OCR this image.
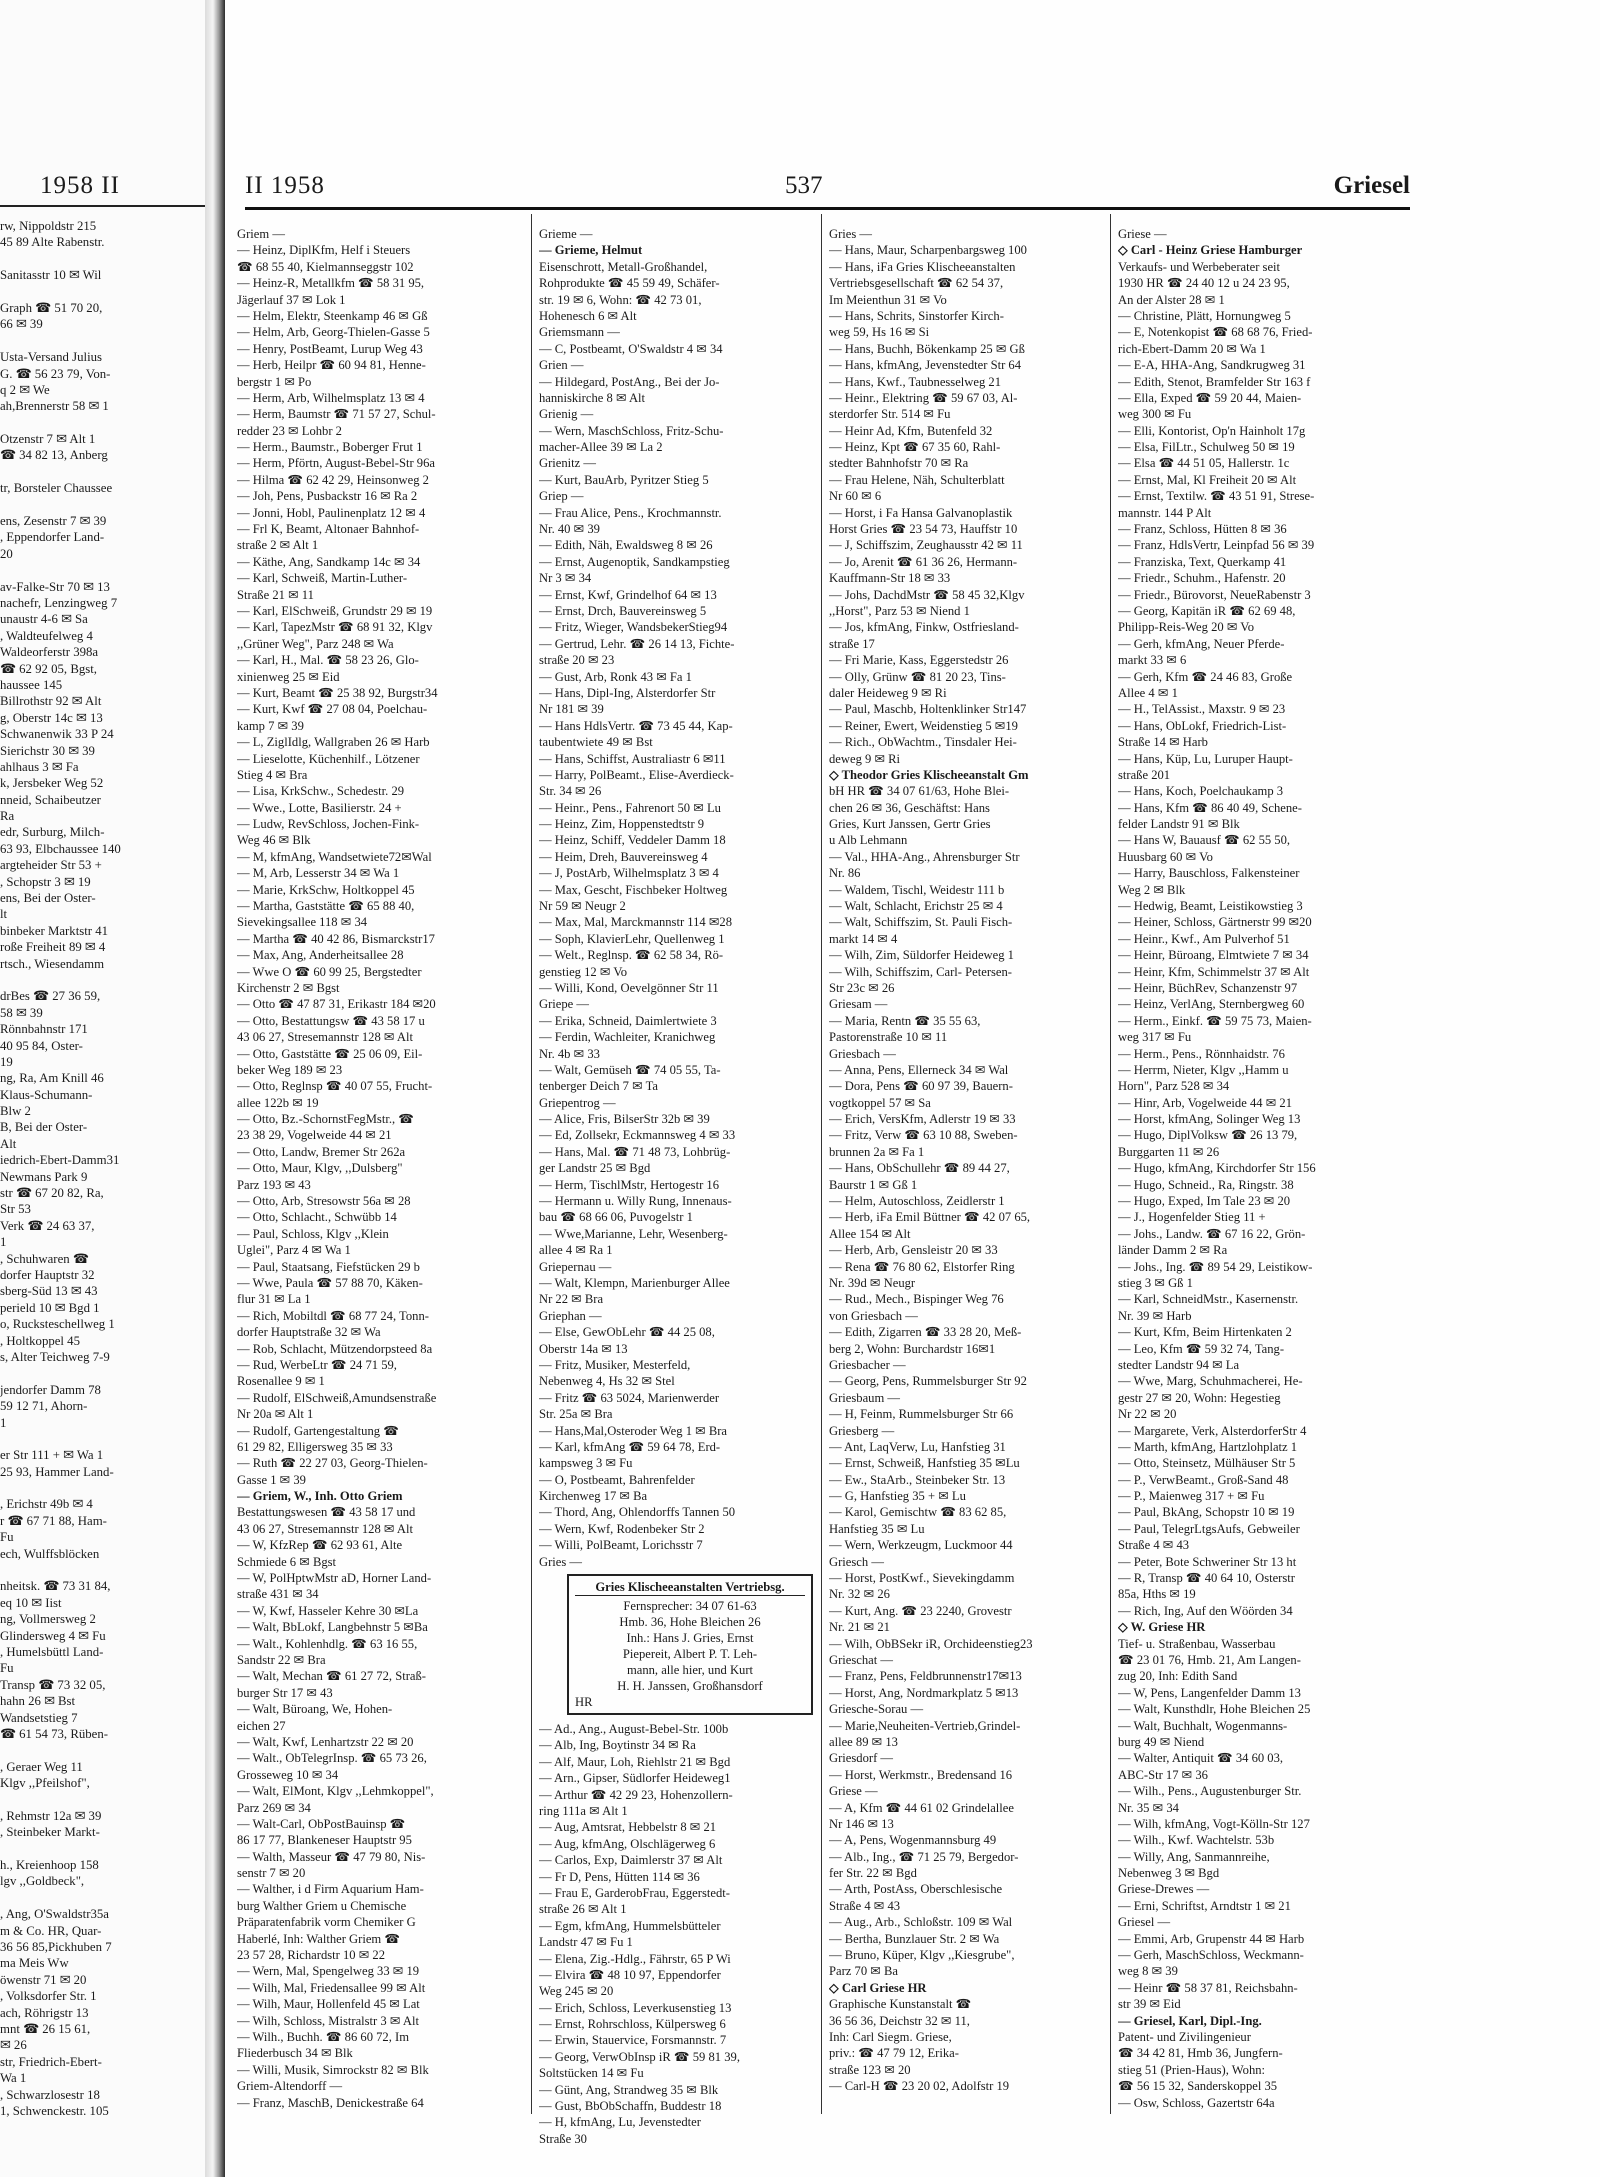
1958 II
rw, Nippoldstr 215
45 89 Alte Rabenstr.
Sanitasstr 10 ✉ Wil
Graph ☎ 51 70 20,
66 ✉ 39
Usta-Versand Julius
G. ☎ 56 23 79, Von-
q 2 ✉ We
ah,Brennerstr 58 ✉ 1
Otzenstr 7 ✉ Alt 1
☎ 34 82 13, Anberg
tr, Borsteler Chaussee
ens, Zesenstr 7 ✉ 39
, Eppendorfer Land-
20
av-Falke-Str 70 ✉ 13
nachefr, Lenzingweg 7
unaustr 4-6 ✉ Sa
, Waldteufelweg 4
Waldeorferstr 398a
☎ 62 92 05, Bgst,
haussee 145
Billrothstr 92 ✉ Alt
g, Oberstr 14c ✉ 13
Schwanenwik 33 P 24
Sierichstr 30 ✉ 39
ahlhaus 3 ✉ Fa
k, Jersbeker Weg 52
nneid, Schaibeutzer
Ra
edr, Surburg, Milch-
63 93, Elbchaussee 140
argteheider Str 53 +
, Schopstr 3 ✉ 19
ens, Bei der Oster-
lt
binbeker Marktstr 41
roße Freiheit 89 ✉ 4
rtsch., Wiesendamm
drBes ☎ 27 36 59,
58 ✉ 39
Rönnbahnstr 171
40 95 84, Oster-
19
ng, Ra, Am Knill 46
Klaus-Schumann-
Blw 2
B, Bei der Oster-
Alt
iedrich-Ebert-Damm31
Newmans Park 9
str ☎ 67 20 82, Ra,
Str 53
Verk ☎ 24 63 37,
1
, Schuhwaren ☎
dorfer Hauptstr 32
sberg-Süd 13 ✉ 43
perield 10 ✉ Bgd 1
o, Rucksteschellweg 1
, Holtkoppel 45
s, Alter Teichweg 7-9
jendorfer Damm 78
59 12 71, Ahorn-
1
er Str 111 + ✉ Wa 1
25 93, Hammer Land-
, Erichstr 49b ✉ 4
r ☎ 67 71 88, Ham-
Fu
ech, Wulffsblöcken
nheitsk. ☎ 73 31 84,
eq 10 ✉ Iist
ng, Vollmersweg 2
Glindersweg 4 ✉ Fu
, Humelsbüttl Land-
Fu
Transp ☎ 73 32 05,
hahn 26 ✉ Bst
Wandsetstieg 7
☎ 61 54 73, Rüben-
, Geraer Weg 11
Klgv ,,Pfeilshof",
, Rehmstr 12a ✉ 39
, Steinbeker Markt-
h., Kreienhoop 158
lgv ,,Goldbeck",
, Ang, O'Swaldstr35a
m & Co. HR, Quar-
36 56 85,Pickhuben 7
ma Meis Ww
öwenstr 71 ✉ 20
, Volksdorfer Str. 1
ach, Röhrigstr 13
mnt ☎ 26 15 61,
✉ 26
str, Friedrich-Ebert-
Wa 1
, Schwarzlosestr 18
1, Schwenckestr. 105
II 1958	537	Griesel
Griem —
— Heinz, DiplKfm, Helf i Steuers
☎ 68 55 40, Kielmannseggstr 102
— Heinz-R, Metallkfm ☎ 58 31 95,
Jägerlauf 37 ✉ Lok 1
— Helm, Elektr, Steenkamp 46 ✉ Gß
— Helm, Arb, Georg-Thielen-Gasse 5
— Henry, PostBeamt, Lurup Weg 43
— Herb, Heilpr ☎ 60 94 81, Henne-
bergstr 1 ✉ Po
— Herm, Arb, Wilhelmsplatz 13 ✉ 4
— Herm, Baumstr ☎ 71 57 27, Schul-
redder 23 ✉ Lohbr 2
— Herm., Baumstr., Boberger Frut 1
— Herm, Pförtn, August-Bebel-Str 96a
— Hilma ☎ 62 42 29, Heinsonweg 2
— Joh, Pens, Pusbackstr 16 ✉ Ra 2
— Jonni, Hobl, Paulinenplatz 12 ✉ 4
— Frl K, Beamt, Altonaer Bahnhof-
straße 2 ✉ Alt 1
— Käthe, Ang, Sandkamp 14c ✉ 34
— Karl, Schweiß, Martin-Luther-
Straße 21 ✉ 11
— Karl, ElSchweiß, Grundstr 29 ✉ 19
— Karl, TapezMstr ☎ 68 91 32, Klgv
,,Grüner Weg", Parz 248 ✉ Wa
— Karl, H., Mal. ☎ 58 23 26, Glo-
xinienweg 25 ✉ Eid
— Kurt, Beamt ☎ 25 38 92, Burgstr34
— Kurt, Kwf ☎ 27 08 04, Poelchau-
kamp 7 ✉ 39
— L, ZiglIdlg, Wallgraben 26 ✉ Harb
— Lieselotte, Küchenhilf., Lötzener
Stieg 4 ✉ Bra
— Lisa, KrkSchw., Schedestr. 29
— Wwe., Lotte, Basilierstr. 24 +
— Ludw, RevSchloss, Jochen-Fink-
Weg 46 ✉ Blk
— M, kfmAng, Wandsetwiete72✉Wal
— M, Arb, Lesserstr 34 ✉ Wa 1
— Marie, KrkSchw, Holtkoppel 45
— Martha, Gaststätte ☎ 65 88 40,
Sievekingsallee 118 ✉ 34
— Martha ☎ 40 42 86, Bismarckstr17
— Max, Ang, Anderheitsallee 28
— Wwe O ☎ 60 99 25, Bergstedter
Kirchenstr 2 ✉ Bgst
— Otto ☎ 47 87 31, Erikastr 184 ✉20
— Otto, Bestattungsw ☎ 43 58 17 u
43 06 27, Stresemannstr 128 ✉ Alt
— Otto, Gaststätte ☎ 25 06 09, Eil-
beker Weg 189 ✉ 23
— Otto, Reglnsp ☎ 40 07 55, Frucht-
allee 122b ✉ 19
— Otto, Bz.-SchornstFegMstr., ☎
23 38 29, Vogelweide 44 ✉ 21
— Otto, Landw, Bremer Str 262a
— Otto, Maur, Klgv, ,,Dulsberg"
Parz 193 ✉ 43
— Otto, Arb, Stresowstr 56a ✉ 28
— Otto, Schlacht., Schwübb 14
— Paul, Schloss, Klgv ,,Klein
Uglei", Parz 4 ✉ Wa 1
— Paul, Staatsang, Fiefstücken 29 b
— Wwe, Paula ☎ 57 88 70, Käken-
flur 31 ✉ La 1
— Rich, Mobiltdl ☎ 68 77 24, Tonn-
dorfer Hauptstraße 32 ✉ Wa
— Rob, Schlacht, Mützendorpsteed 8a
— Rud, WerbeLtr ☎ 24 71 59,
Rosenallee 9 ✉ 1
— Rudolf, ElSchweiß,Amundsenstraße
Nr 20a ✉ Alt 1
— Rudolf, Gartengestaltung ☎
61 29 82, Elligersweg 35 ✉ 33
— Ruth ☎ 22 27 03, Georg-Thielen-
Gasse 1 ✉ 39
— Griem, W., Inh. Otto Griem
Bestattungswesen ☎ 43 58 17 und
43 06 27, Stresemannstr 128 ✉ Alt
— W, KfzRep ☎ 62 93 61, Alte
Schmiede 6 ✉ Bgst
— W, PolHptwMstr aD, Horner Land-
straße 431 ✉ 34
— W, Kwf, Hasseler Kehre 30 ✉La
— Walt, BbLokf, Langbehnstr 5 ✉Ba
— Walt., Kohlenhdlg. ☎ 63 16 55,
Sandstr 22 ✉ Bra
— Walt, Mechan ☎ 61 27 72, Straß-
burger Str 17 ✉ 43
— Walt, Büroang, We, Hohen-
eichen 27
— Walt, Kwf, Lenhartzstr 22 ✉ 20
— Walt., ObTelegrInsp. ☎ 65 73 26,
Grosseweg 10 ✉ 34
— Walt, ElMont, Klgv ,,Lehmkoppel",
Parz 269 ✉ 34
— Walt-Carl, ObPostBauinsp ☎
86 17 77, Blankeneser Hauptstr 95
— Walth, Masseur ☎ 47 79 80, Nis-
senstr 7 ✉ 20
— Walther, i d Firm Aquarium Ham-
burg Walther Griem u Chemische
Präparatenfabrik vorm Chemiker G
Haberlé, Inh: Walther Griem ☎
23 57 28, Richardstr 10 ✉ 22
— Wern, Mal, Spengelweg 33 ✉ 19
— Wilh, Mal, Friedensallee 99 ✉ Alt
— Wilh, Maur, Hollenfeld 45 ✉ Lat
— Wilh, Schloss, Mistralstr 3 ✉ Alt
— Wilh., Buchh. ☎ 86 60 72, Im
Fliederbusch 34 ✉ Blk
— Willi, Musik, Simrockstr 82 ✉ Blk
Griem-Altendorff —
— Franz, MaschB, Denickestraße 64
Grieme —
— Grieme, Helmut
Eisenschrott, Metall-Großhandel,
Rohprodukte ☎ 45 59 49, Schäfer-
str. 19 ✉ 6, Wohn: ☎ 42 73 01,
Hohenesch 6 ✉ Alt
Griemsmann —
— C, Postbeamt, O'Swaldstr 4 ✉ 34
Grien —
— Hildegard, PostAng., Bei der Jo-
hanniskirche 8 ✉ Alt
Grienig —
— Wern, MaschSchloss, Fritz-Schu-
macher-Allee 39 ✉ La 2
Grienitz —
— Kurt, BauArb, Pyritzer Stieg 5
Griep —
— Frau Alice, Pens., Krochmannstr.
Nr. 40 ✉ 39
— Edith, Näh, Ewaldsweg 8 ✉ 26
— Ernst, Augenoptik, Sandkampstieg
Nr 3 ✉ 34
— Ernst, Kwf, Grindelhof 64 ✉ 13
— Ernst, Drch, Bauvereinsweg 5
— Fritz, Wieger, WandsbekerStieg94
— Gertrud, Lehr. ☎ 26 14 13, Fichte-
straße 20 ✉ 23
— Gust, Arb, Ronk 43 ✉ Fa 1
— Hans, Dipl-Ing, Alsterdorfer Str
Nr 181 ✉ 39
— Hans HdlsVertr. ☎ 73 45 44, Kap-
taubentwiete 49 ✉ Bst
— Hans, Schiffst, Australiastr 6 ✉11
— Harry, PolBeamt., Elise-Averdieck-
Str. 34 ✉ 26
— Heinr., Pens., Fahrenort 50 ✉ Lu
— Heinz, Zim, Hoppenstedtstr 9
— Heinz, Schiff, Veddeler Damm 18
— Heim, Dreh, Bauvereinsweg 4
— J, PostArb, Wilhelmsplatz 3 ✉ 4
— Max, Gescht, Fischbeker Holtweg
Nr 59 ✉ Neugr 2
— Max, Mal, Marckmannstr 114 ✉28
— Soph, KlavierLehr, Quellenweg 1
— Welt., Reglnsp. ☎ 62 58 34, Rö-
genstieg 12 ✉ Vo
— Willi, Kond, Oevelgönner Str 11
Griepe —
— Erika, Schneid, Daimlertwiete 3
— Ferdin, Wachleiter, Kranichweg
Nr. 4b ✉ 33
— Walt, Gemüseh ☎ 74 05 55, Ta-
tenberger Deich 7 ✉ Ta
Griepentrog —
— Alice, Fris, BilserStr 32b ✉ 39
— Ed, Zollsekr, Eckmannsweg 4 ✉ 33
— Hans, Mal. ☎ 71 48 73, Lohbrüg-
ger Landstr 25 ✉ Bgd
— Herm, TischlMstr, Hertogestr 16
— Hermann u. Willy Rung, Innenaus-
bau ☎ 68 66 06, Puvogelstr 1
— Wwe,Marianne, Lehr, Wesenberg-
allee 4 ✉ Ra 1
Griepernau —
— Walt, Klempn, Marienburger Allee
Nr 22 ✉ Bra
Griephan —
— Else, GewObLehr ☎ 44 25 08,
Oberstr 14a ✉ 13
— Fritz, Musiker, Mesterfeld,
Nebenweg 4, Hs 32 ✉ Stel
— Fritz ☎ 63 5024, Marienwerder
Str. 25a ✉ Bra
— Hans,Mal,Osteroder Weg 1 ✉ Bra
— Karl, kfmAng ☎ 59 64 78, Erd-
kampsweg 3 ✉ Fu
— O, Postbeamt, Bahrenfelder
Kirchenweg 17 ✉ Ba
— Thord, Ang, Ohlendorffs Tannen 50
— Wern, Kwf, Rodenbeker Str 2
— Willi, PolBeamt, Lorichsstr 7
Gries —
Gries Klischeeanstalten Vertriebsg.
Fernsprecher: 34 07 61-63
Hmb. 36, Hohe Bleichen 26
Inh.: Hans J. Gries, Ernst
Piepereit, Albert P. T. Leh-
mann, alle hier, und Kurt
H. H. Janssen, Großhansdorf
HR
— Ad., Ang., August-Bebel-Str. 100b
— Alb, Ing, Boytinstr 34 ✉ Ra
— Alf, Maur, Loh, Riehlstr 21 ✉ Bgd
— Arn., Gipser, Südlorfer Heideweg1
— Arthur ☎ 42 29 23, Hohenzollern-
ring 111a ✉ Alt 1
— Aug, Amtsrat, Hebbelstr 8 ✉ 21
— Aug, kfmAng, Olschlägerweg 6
— Carlos, Exp, Daimlerstr 37 ✉ Alt
— Fr D, Pens, Hütten 114 ✉ 36
— Frau E, GarderobFrau, Eggerstedt-
straße 26 ✉ Alt 1
— Egm, kfmAng, Hummelsbütteler
Landstr 47 ✉ Fu 1
— Elena, Zig.-Hdlg., Fährstr, 65 P Wi
— Elvira ☎ 48 10 97, Eppendorfer
Weg 245 ✉ 20
— Erich, Schloss, Leverkusenstieg 13
— Ernst, Rohrschloss, Külpersweg 6
— Erwin, Stauervice, Forsmannstr. 7
— Georg, VerwObInsp iR ☎ 59 81 39,
Soltstücken 14 ✉ Fu
— Günt, Ang, Strandweg 35 ✉ Blk
— Gust, BbObSchaffn, Buddestr 18
— H, kfmAng, Lu, Jevenstedter
Straße 30
Gries —
— Hans, Maur, Scharpenbargsweg 100
— Hans, iFa Gries Klischeeanstalten
Vertriebsgesellschaft ☎ 62 54 37,
Im Meienthun 31 ✉ Vo
— Hans, Schrits, Sinstorfer Kirch-
weg 59, Hs 16 ✉ Si
— Hans, Buchh, Bökenkamp 25 ✉ Gß
— Hans, kfmAng, Jevenstedter Str 64
— Hans, Kwf., Taubnesselweg 21
— Heinr., Elektring ☎ 59 67 03, Al-
sterdorfer Str. 514 ✉ Fu
— Heinr Ad, Kfm, Butenfeld 32
— Heinz, Kpt ☎ 67 35 60, Rahl-
stedter Bahnhofstr 70 ✉ Ra
— Frau Helene, Näh, Schulterblatt
Nr 60 ✉ 6
— Horst, i Fa Hansa Galvanoplastik
Horst Gries ☎ 23 54 73, Hauffstr 10
— J, Schiffszim, Zeughausstr 42 ✉ 11
— Jo, Arenit ☎ 61 36 26, Hermann-
Kauffmann-Str 18 ✉ 33
— Johs, DachdMstr ☎ 58 45 32,Klgv
,,Horst", Parz 53 ✉ Niend 1
— Jos, kfmAng, Finkw, Ostfriesland-
straße 17
— Fri Marie, Kass, Eggerstedstr 26
— Olly, Grünw ☎ 81 20 23, Tins-
daler Heideweg 9 ✉ Ri
— Paul, Maschb, Holtenklinker Str147
— Reiner, Ewert, Weidenstieg 5 ✉19
— Rich., ObWachtm., Tinsdaler Hei-
deweg 9 ✉ Ri
◇ Theodor Gries Klischeeanstalt Gm
bH HR ☎ 34 07 61/63, Hohe Blei-
chen 26 ✉ 36, Geschäftst: Hans
Gries, Kurt Janssen, Gertr Gries
u Alb Lehmann
— Val., HHA-Ang., Ahrensburger Str
Nr. 86
— Waldem, Tischl, Weidestr 111 b
— Walt, Schlacht, Erichstr 25 ✉ 4
— Walt, Schiffszim, St. Pauli Fisch-
markt 14 ✉ 4
— Wilh, Zim, Süldorfer Heideweg 1
— Wilh, Schiffszim, Carl- Petersen-
Str 23c ✉ 26
Griesam —
— Maria, Rentn ☎ 35 55 63,
Pastorenstraße 10 ✉ 11
Griesbach —
— Anna, Pens, Ellerneck 34 ✉ Wal
— Dora, Pens ☎ 60 97 39, Bauern-
vogtkoppel 57 ✉ Sa
— Erich, VersKfm, Adlerstr 19 ✉ 33
— Fritz, Verw ☎ 63 10 88, Sweben-
brunnen 2a ✉ Fa 1
— Hans, ObSchullehr ☎ 89 44 27,
Baurstr 1 ✉ Gß 1
— Helm, Autoschloss, Zeidlerstr 1
— Herb, iFa Emil Büttner ☎ 42 07 65,
Allee 154 ✉ Alt
— Herb, Arb, Gensleistr 20 ✉ 33
— Rena ☎ 76 80 62, Elstorfer Ring
Nr. 39d ✉ Neugr
— Rud., Mech., Bispinger Weg 76
von Griesbach —
— Edith, Zigarren ☎ 33 28 20, Meß-
berg 2, Wohn: Burchardstr 16✉1
Griesbacher —
— Georg, Pens, Rummelsburger Str 92
Griesbaum —
— H, Feinm, Rummelsburger Str 66
Griesberg —
— Ant, LaqVerw, Lu, Hanfstieg 31
— Ernst, Schweiß, Hanfstieg 35 ✉Lu
— Ew., StaArb., Steinbeker Str. 13
— G, Hanfstieg 35 + ✉ Lu
— Karol, Gemischtw ☎ 83 62 85,
Hanfstieg 35 ✉ Lu
— Wern, Werkzeugm, Luckmoor 44
Griesch —
— Horst, PostKwf., Sievekingdamm
Nr. 32 ✉ 26
— Kurt, Ang. ☎ 23 2240, Grovestr
Nr. 21 ✉ 21
— Wilh, ObBSekr iR, Orchideenstieg23
Grieschat —
— Franz, Pens, Feldbrunnenstr17✉13
— Horst, Ang, Nordmarkplatz 5 ✉13
Griesche-Sorau —
— Marie,Neuheiten-Vertrieb,Grindel-
allee 89 ✉ 13
Griesdorf —
— Horst, Werkmstr., Bredensand 16
Griese —
— A, Kfm ☎ 44 61 02 Grindelallee
Nr 146 ✉ 13
— A, Pens, Wogenmannsburg 49
— Alb., Ing., ☎ 71 25 79, Bergedor-
fer Str. 22 ✉ Bgd
— Arth, PostAss, Oberschlesische
Straße 4 ✉ 43
— Aug., Arb., Schloßstr. 109 ✉ Wal
— Bertha, Bunzlauer Str. 2 ✉ Wa
— Bruno, Küper, Klgv ,,Kiesgrube",
Parz 70 ✉ Ba
◇ Carl Griese HR
Graphische Kunstanstalt ☎
36 56 36, Deichstr 32 ✉ 11,
Inh: Carl Siegm. Griese,
priv.: ☎ 47 79 12, Erika-
straße 123 ✉ 20
— Carl-H ☎ 23 20 02, Adolfstr 19
Griese —
◇ Carl - Heinz Griese Hamburger
Verkaufs- und Werbeberater seit
1930 HR ☎ 24 40 12 u 24 23 95,
An der Alster 28 ✉ 1
— Christine, Plätt, Hornungweg 5
— E, Notenkopist ☎ 68 68 76, Fried-
rich-Ebert-Damm 20 ✉ Wa 1
— E-A, HHA-Ang, Sandkrugweg 31
— Edith, Stenot, Bramfelder Str 163 f
— Ella, Exped ☎ 59 20 44, Maien-
weg 300 ✉ Fu
— Elli, Kontorist, Op'n Hainholt 17g
— Elsa, FilLtr., Schulweg 50 ✉ 19
— Elsa ☎ 44 51 05, Hallerstr. 1c
— Ernst, Mal, Kl Freiheit 20 ✉ Alt
— Ernst, Textilw. ☎ 43 51 91, Strese-
mannstr. 144 P Alt
— Franz, Schloss, Hütten 8 ✉ 36
— Franz, HdlsVertr, Leinpfad 56 ✉ 39
— Franziska, Text, Querkamp 41
— Friedr., Schuhm., Hafenstr. 20
— Friedr., Bürovorst, NeueRabenstr 3
— Georg, Kapitän iR ☎ 62 69 48,
Philipp-Reis-Weg 20 ✉ Vo
— Gerh, kfmAng, Neuer Pferde-
markt 33 ✉ 6
— Gerh, Kfm ☎ 24 46 83, Große
Allee 4 ✉ 1
— H., TelAssist., Maxstr. 9 ✉ 23
— Hans, ObLokf, Friedrich-List-
Straße 14 ✉ Harb
— Hans, Küp, Lu, Luruper Haupt-
straße 201
— Hans, Koch, Poelchaukamp 3
— Hans, Kfm ☎ 86 40 49, Schene-
felder Landstr 91 ✉ Blk
— Hans W, Bauausf ☎ 62 55 50,
Huusbarg 60 ✉ Vo
— Harry, Bauschloss, Falkensteiner
Weg 2 ✉ Blk
— Hedwig, Beamt, Leistikowstieg 3
— Heiner, Schloss, Gärtnerstr 99 ✉20
— Heinr., Kwf., Am Pulverhof 51
— Heinr, Büroang, Elmtwiete 7 ✉ 34
— Heinr, Kfm, Schimmelstr 37 ✉ Alt
— Heinr, BüchRev, Schanzenstr 97
— Heinz, VerlAng, Sternbergweg 60
— Herm., Einkf. ☎ 59 75 73, Maien-
weg 317 ✉ Fu
— Herm., Pens., Rönnhaidstr. 76
— Herrm, Nieter, Klgv ,,Hamm u
Horn", Parz 528 ✉ 34
— Hinr, Arb, Vogelweide 44 ✉ 21
— Horst, kfmAng, Solinger Weg 13
— Hugo, DiplVolksw ☎ 26 13 79,
Burggarten 11 ✉ 26
— Hugo, kfmAng, Kirchdorfer Str 156
— Hugo, Schneid., Ra, Ringstr. 38
— Hugo, Exped, Im Tale 23 ✉ 20
— J., Hogenfelder Stieg 11 +
— Johs., Landw. ☎ 67 16 22, Grön-
länder Damm 2 ✉ Ra
— Johs., Ing. ☎ 89 54 29, Leistikow-
stieg 3 ✉ Gß 1
— Karl, SchneidMstr., Kasernenstr.
Nr. 39 ✉ Harb
— Kurt, Kfm, Beim Hirtenkaten 2
— Leo, Kfm ☎ 59 32 74, Tang-
stedter Landstr 94 ✉ La
— Wwe, Marg, Schuhmacherei, He-
gestr 27 ✉ 20, Wohn: Hegestieg
Nr 22 ✉ 20
— Margarete, Verk, AlsterdorferStr 4
— Marth, kfmAng, Hartzlohplatz 1
— Otto, Steinsetz, Mülhäuser Str 5
— P., VerwBeamt., Groß-Sand 48
— P., Maienweg 317 + ✉ Fu
— Paul, BkAng, Schopstr 10 ✉ 19
— Paul, TelegrLtgsAufs, Gebweiler
Straße 4 ✉ 43
— Peter, Bote Schweriner Str 13 ht
— R, Transp ☎ 40 64 10, Osterstr
85a, Hths ✉ 19
— Rich, Ing, Auf den Wöörden 34
◇ W. Griese HR
Tief- u. Straßenbau, Wasserbau
☎ 23 01 76, Hmb. 21, Am Langen-
zug 20, Inh: Edith Sand
— W, Pens, Langenfelder Damm 13
— Walt, Kunsthdlr, Hohe Bleichen 25
— Walt, Buchhalt, Wogenmanns-
burg 49 ✉ Niend
— Walter, Antiquit ☎ 34 60 03,
ABC-Str 17 ✉ 36
— Wilh., Pens., Augustenburger Str.
Nr. 35 ✉ 34
— Wilh, kfmAng, Vogt-Kölln-Str 127
— Wilh., Kwf. Wachtelstr. 53b
— Willy, Ang, Sanmannreihe,
Nebenweg 3 ✉ Bgd
Griese-Drewes —
— Erni, Schriftst, Arndtstr 1 ✉ 21
Griesel —
— Emmi, Arb, Grupenstr 44 ✉ Harb
— Gerh, MaschSchloss, Weckmann-
weg 8 ✉ 39
— Heinr ☎ 58 37 81, Reichsbahn-
str 39 ✉ Eid
— Griesel, Karl, Dipl.-Ing.
Patent- und Zivilingenieur
☎ 34 42 81, Hmb 36, Jungfern-
stieg 51 (Prien-Haus), Wohn:
☎ 56 15 32, Sanderskoppel 35
— Osw, Schloss, Gazertstr 64a
